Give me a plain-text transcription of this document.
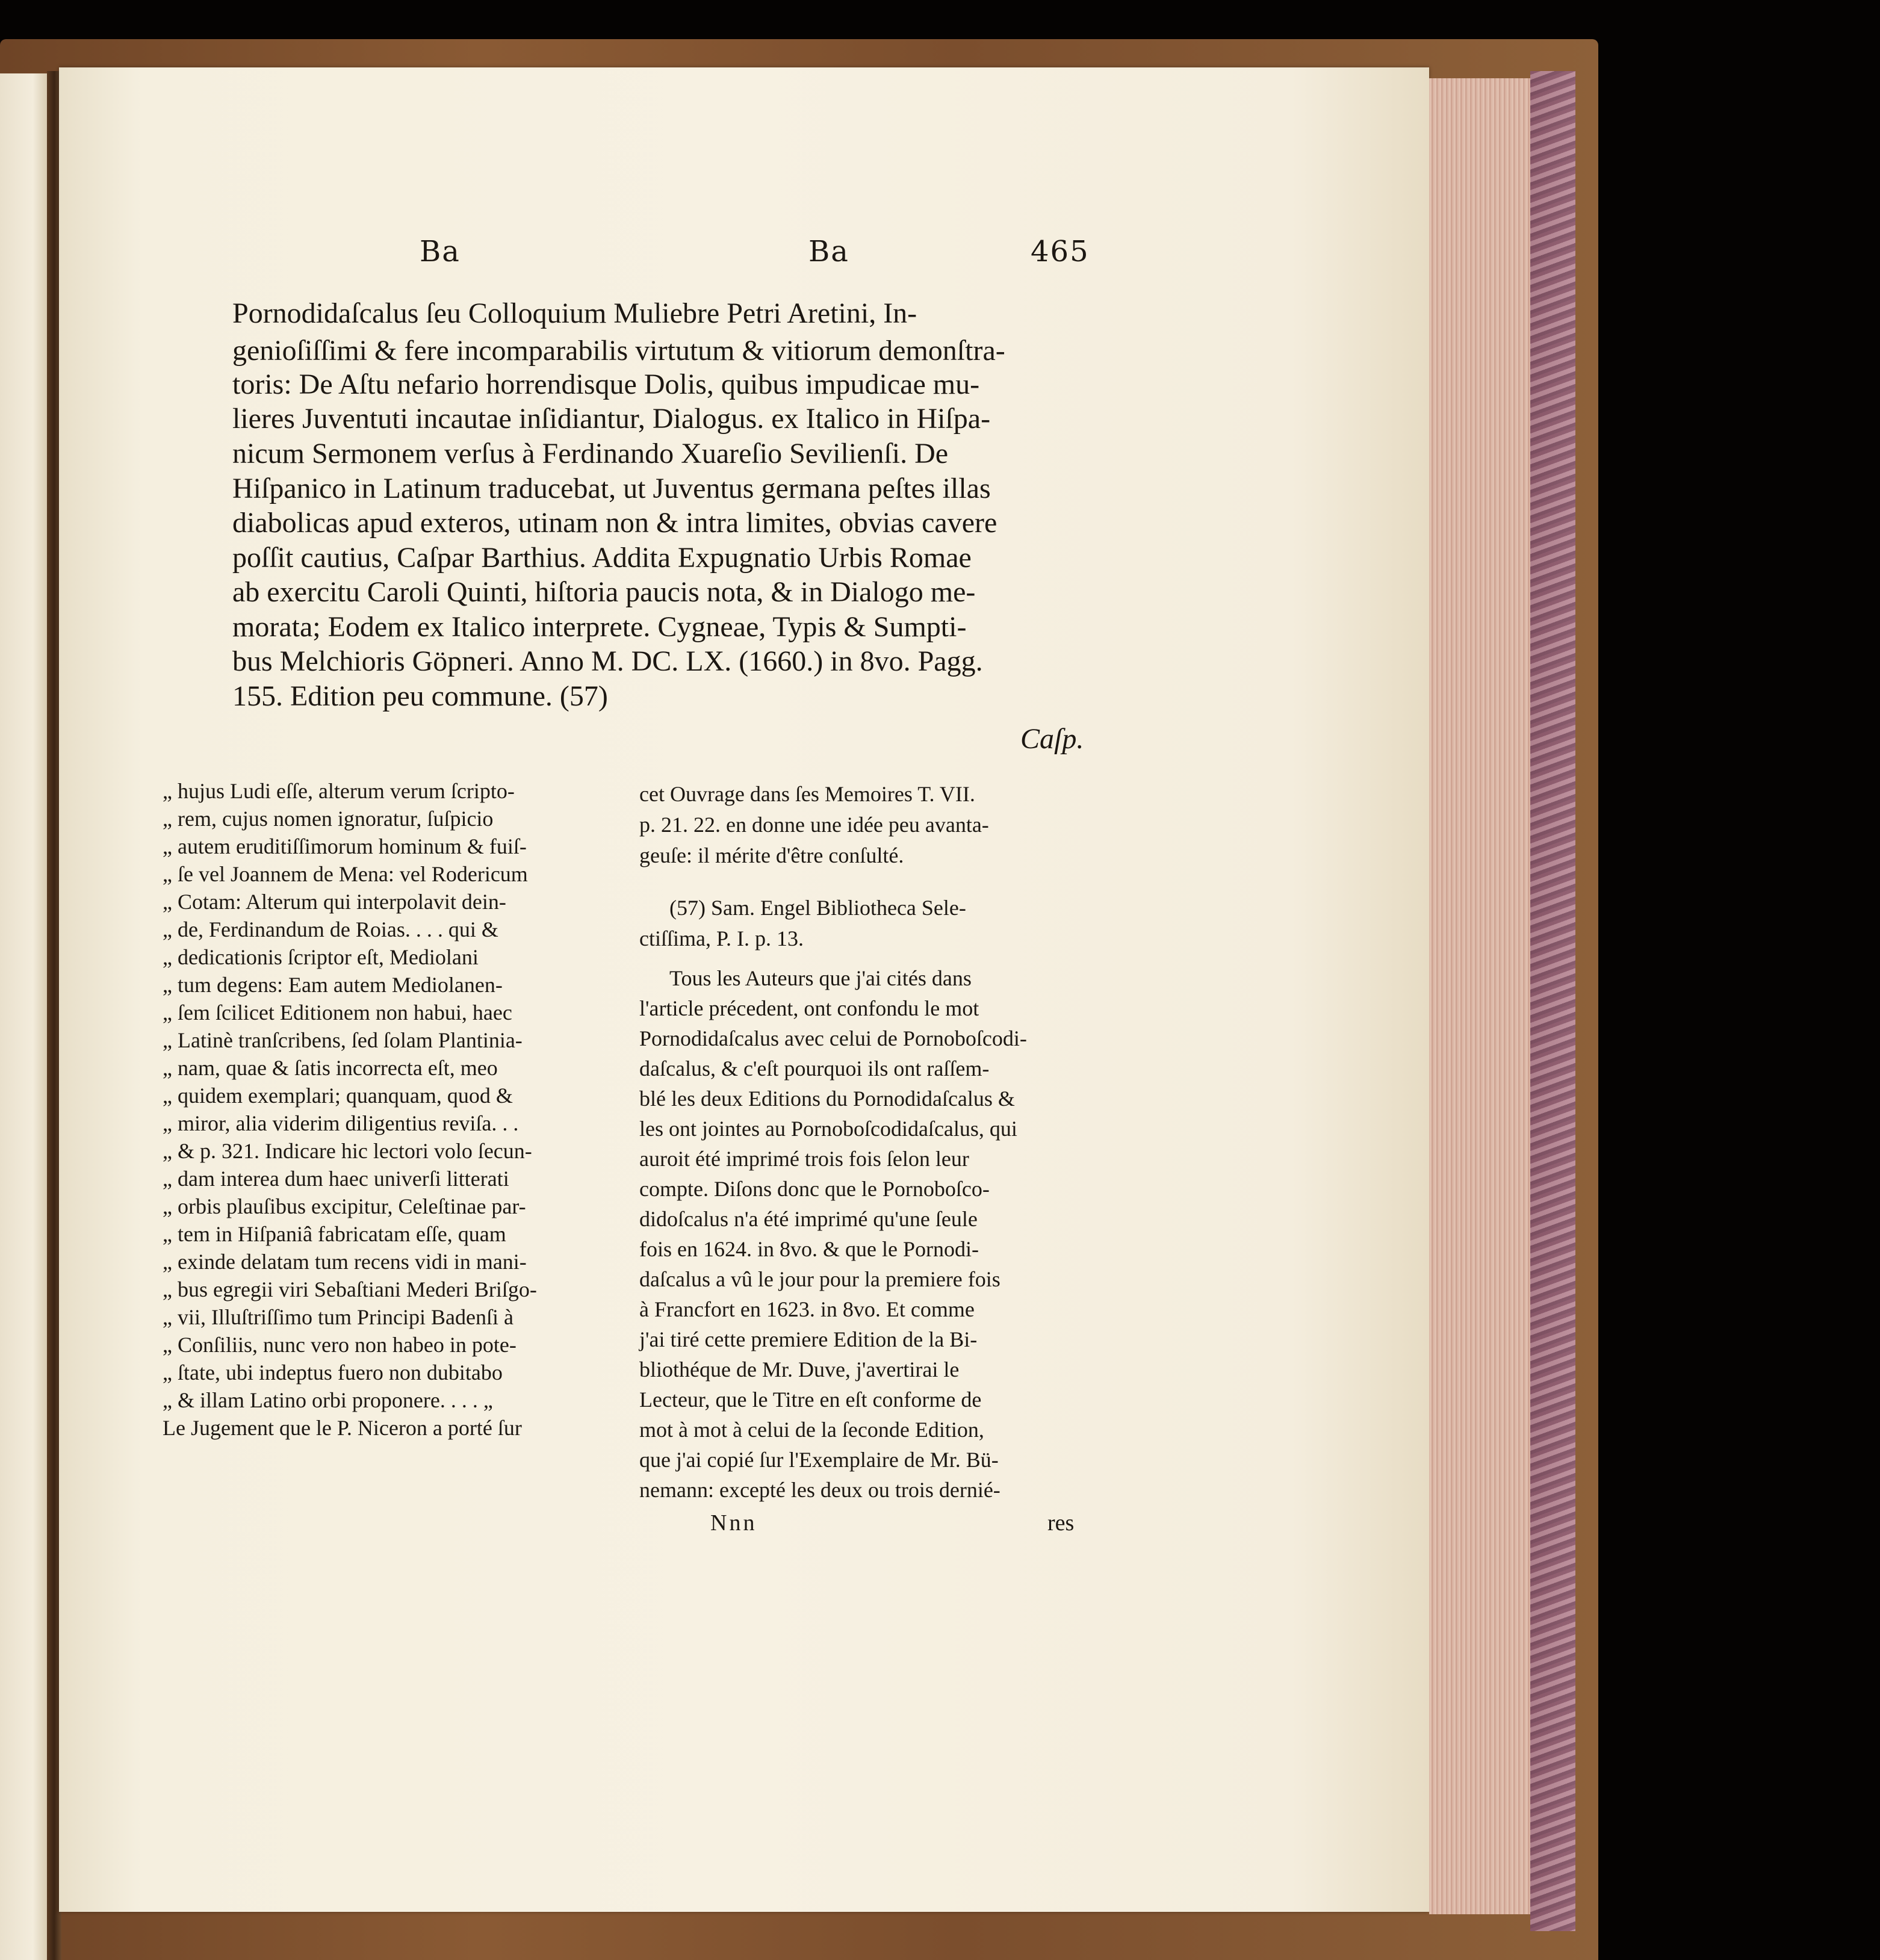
Ba	Ba	465
Pornodidaſcalus ſeu Colloquium Muliebre Petri Aretini, In-
genioſiſſimi & fere incomparabilis virtutum & vitiorum demonſtra-
toris: De Aſtu nefario horrendisque Dolis, quibus impudicae mu-
lieres Juventuti incautae inſidiantur, Dialogus. ex Italico in Hiſpa-
nicum Sermonem verſus à Ferdinando Xuareſio Sevilienſi. De
Hiſpanico in Latinum traducebat, ut Juventus germana peſtes illas
diabolicas apud exteros, utinam non & intra limites, obvias cavere
poſſit cautius, Caſpar Barthius. Addita Expugnatio Urbis Romae
ab exercitu Caroli Quinti, hiſtoria paucis nota, & in Dialogo me-
morata; Eodem ex Italico interprete. Cygneae, Typis & Sumpti-
bus Melchioris Göpneri. Anno M. DC. LX. (1660.) in 8vo. Pagg.
155. Edition peu commune. (57)
Caſp.
„ hujus Ludi eſſe, alterum verum ſcripto-
„ rem, cujus nomen ignoratur, ſuſpicio
„ autem eruditiſſimorum hominum & fuiſ-
„ ſe vel Joannem de Mena: vel Rodericum
„ Cotam: Alterum qui interpolavit dein-
„ de, Ferdinandum de Roias. . . . qui &
„ dedicationis ſcriptor eſt, Mediolani
„ tum degens: Eam autem Mediolanen-
„ ſem ſcilicet Editionem non habui, haec
„ Latinè tranſcribens, ſed ſolam Plantinia-
„ nam, quae & ſatis incorrecta eſt, meo
„ quidem exemplari; quanquam, quod &
„ miror, alia viderim diligentius reviſa. . .
„ & p. 321. Indicare hic lectori volo ſecun-
„ dam interea dum haec univerſi litterati
„ orbis plauſibus excipitur, Celeſtinae par-
„ tem in Hiſpaniâ fabricatam eſſe, quam
„ exinde delatam tum recens vidi in mani-
„ bus egregii viri Sebaſtiani Mederi Briſgo-
„ vii, Illuſtriſſimo tum Principi Badenſi à
„ Conſiliis, nunc vero non habeo in pote-
„ ſtate, ubi indeptus fuero non dubitabo
„ & illam Latino orbi proponere. . . . „
Le Jugement que le P. Niceron a porté ſur
cet Ouvrage dans ſes Memoires T. VII.
p. 21. 22. en donne une idée peu avanta-
geuſe: il mérite d'être conſulté.
(57) Sam. Engel Bibliotheca Sele-
ctiſſima, P. I. p. 13.
Tous les Auteurs que j'ai cités dans
l'article précedent, ont confondu le mot
Pornodidaſcalus avec celui de Pornoboſcodi-
daſcalus, & c'eſt pourquoi ils ont raſſem-
blé les deux Editions du Pornodidaſcalus &
les ont jointes au Pornoboſcodidaſcalus, qui
auroit été imprimé trois fois ſelon leur
compte. Diſons donc que le Pornoboſco-
didoſcalus n'a été imprimé qu'une ſeule
fois en 1624. in 8vo. & que le Pornodi-
daſcalus a vû le jour pour la premiere fois
à Francfort en 1623. in 8vo. Et comme
j'ai tiré cette premiere Edition de la Bi-
bliothéque de Mr. Duve, j'avertirai le
Lecteur, que le Titre en eſt conforme de
mot à mot à celui de la ſeconde Edition,
que j'ai copié ſur l'Exemplaire de Mr. Bü-
nemann: excepté les deux ou trois dernié-
Nnn	res
